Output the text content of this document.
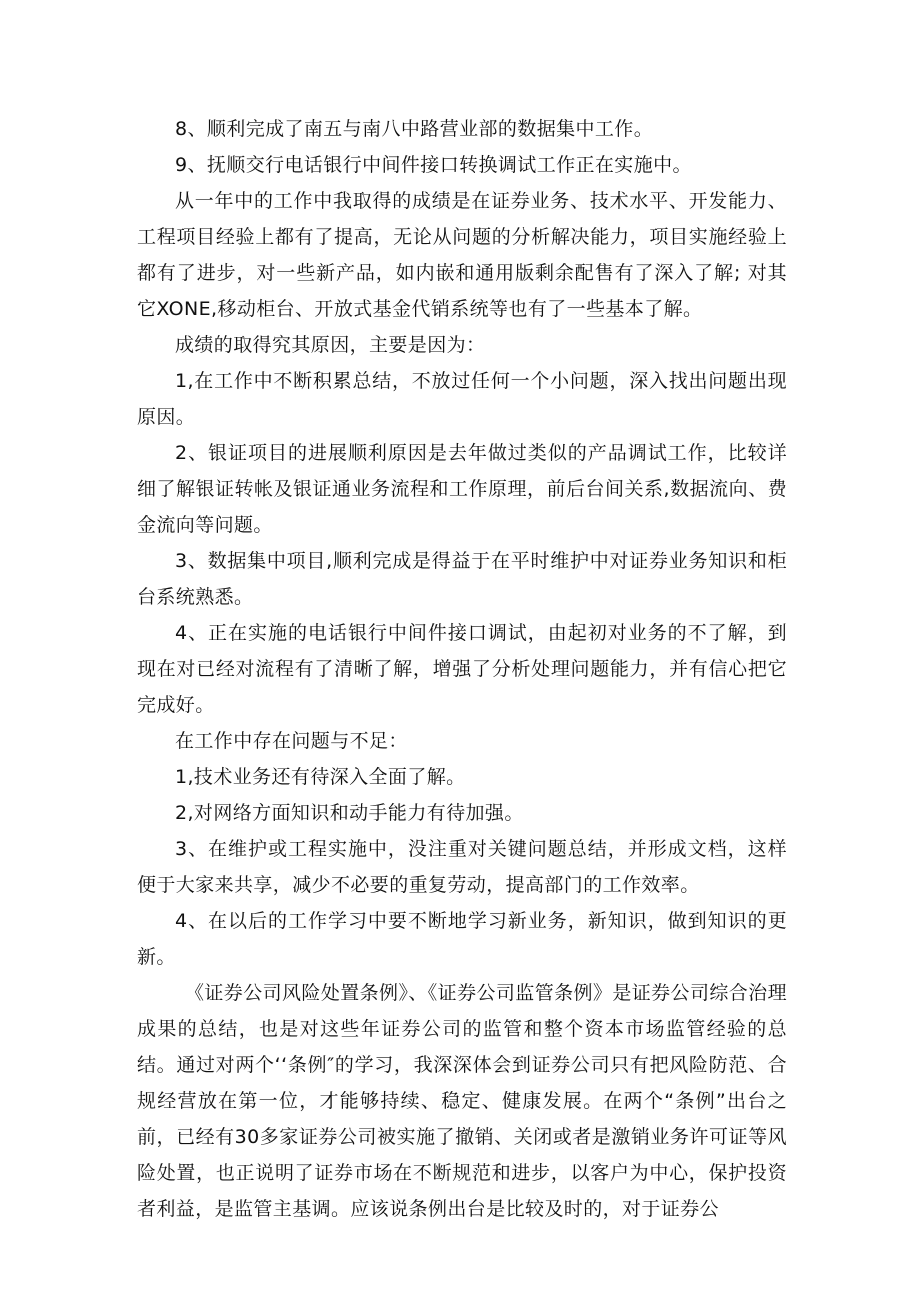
8、顺利完成了南五与南八中路营业部的数据集中工作。

9、抚顺交行电话银行中间件接口转换调试工作正在实施中。

从一年中的工作中我取得的成绩是在证券业务、技术水平、开发能力、工程项目经验上都有了提高，无论从问题的分析解决能力，项目实施经验上都有了进步，对一些新产品，如内嵌和通用版剩余配售有了深入了解; 对其它XONE,移动柜台、开放式基金代销系统等也有了一些基本了解。

成绩的取得究其原因，主要是因为：

1,在工作中不断积累总结，不放过任何一个小问题，深入找出问题出现原因。

2、银证项目的进展顺利原因是去年做过类似的产品调试工作，比较详细了解银证转帐及银证通业务流程和工作原理，前后台间关系,数据流向、费金流向等问题。

3、数据集中项目,顺利完成是得益于在平时维护中对证券业务知识和柜台系统熟悉。

4、正在实施的电话银行中间件接口调试，由起初对业务的不了解，到现在对已经对流程有了清晰了解，增强了分析处理问题能力，并有信心把它完成好。

在工作中存在问题与不足：

1,技术业务还有待深入全面了解。

2,对网络方面知识和动手能力有待加强。

3、在维护或工程实施中，没注重对关键问题总结，并形成文档，这样便于大家来共享，减少不必要的重复劳动，提高部门的工作效率。

4、在以后的工作学习中要不断地学习新业务，新知识，做到知识的更新。

《证券公司风险处置条例》、《证券公司监管条例》是证券公司综合治理成果的总结，也是对这些年证券公司的监管和整个资本市场监管经验的总结。通过对两个‘‘条例″的学习，我深深体会到证券公司只有把风险防范、合规经营放在第一位，才能够持续、稳定、健康发展。在两个“条例”出台之前，已经有30多家证券公司被实施了撤销、关闭或者是激销业务许可证等风险处置，也正说明了证券市场在不断规范和进步，以客户为中心，保护投资者利益，是监管主基调。应该说条例出台是比较及时的，对于证券公
